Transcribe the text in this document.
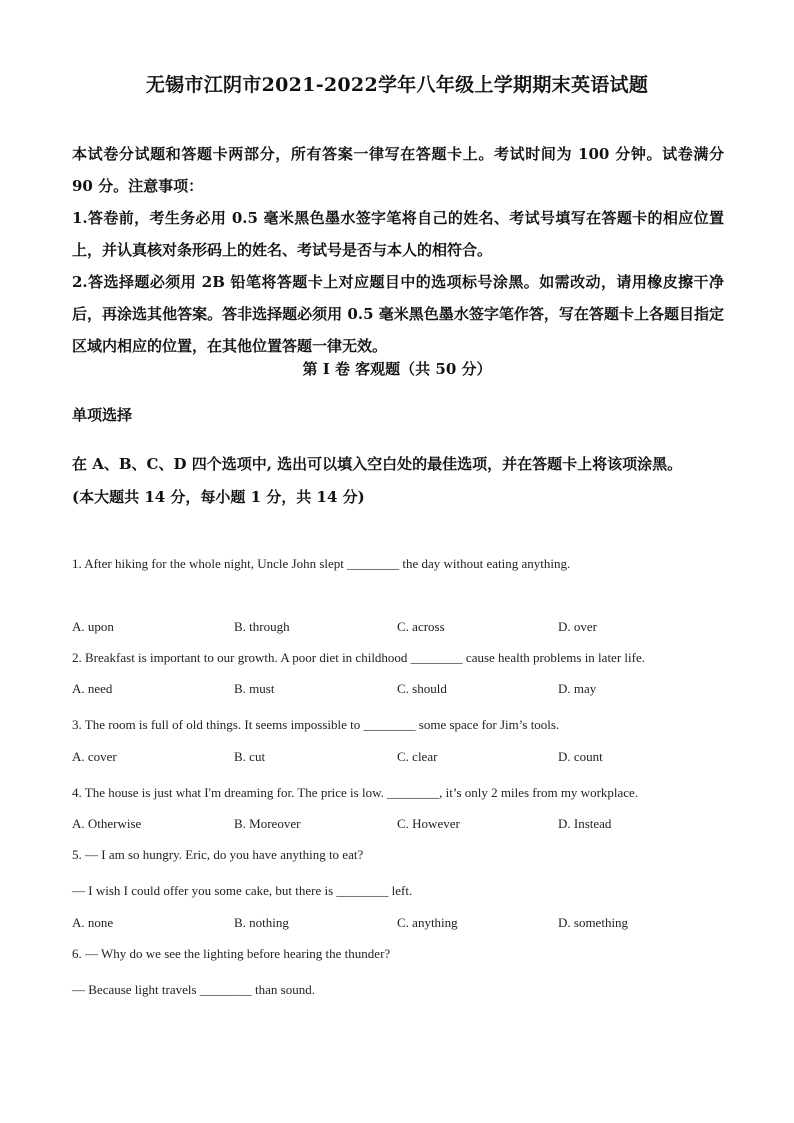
无锡市江阴市2021-2022学年八年级上学期期末英语试题

本试卷分试题和答题卡两部分，所有答案一律写在答题卡上。考试时间为 100 分钟。试卷满分 90 分。注意事项：

1.答卷前，考生务必用 0.5 毫米黑色墨水签字笔将自己的姓名、考试号填写在答题卡的相应位置上，并认真核对条形码上的姓名、考试号是否与本人的相符合。

2.答选择题必须用 2B 铅笔将答题卡上对应题目中的选项标号涂黑。如需改动，请用橡皮擦干净后，再涂选其他答案。答非选择题必须用 0.5 毫米黑色墨水签字笔作答，写在答题卡上各题目指定区域内相应的位置，在其他位置答题一律无效。

第 I 卷 客观题（共 50 分）
单项选择

在 A、B、C、D 四个选项中, 选出可以填入空白处的最佳选项，并在答题卡上将该项涂黑。

(本大题共 14 分，每小题 1 分，共 14 分)

1. After hiking for the whole night, Uncle John slept ________ the day without eating anything.
A. upon	B. through	C. across	D. over
2. Breakfast is important to our growth. A poor diet in childhood ________ cause health problems in later life.
A. need	B. must	C. should	D. may
3. The room is full of old things. It seems impossible to ________ some space for Jim’s tools.
A. cover	B. cut	C. clear	D. count
4. The house is just what I'm dreaming for. The price is low. ________, it’s only 2 miles from my workplace.
A. Otherwise	B. Moreover	C. However	D. Instead
5. — I am so hungry. Eric, do you have anything to eat?
— I wish I could offer you some cake, but there is ________ left.
A. none	B. nothing	C. anything	D. something
6. — Why do we see the lighting before hearing the thunder?
— Because light travels ________ than sound.
